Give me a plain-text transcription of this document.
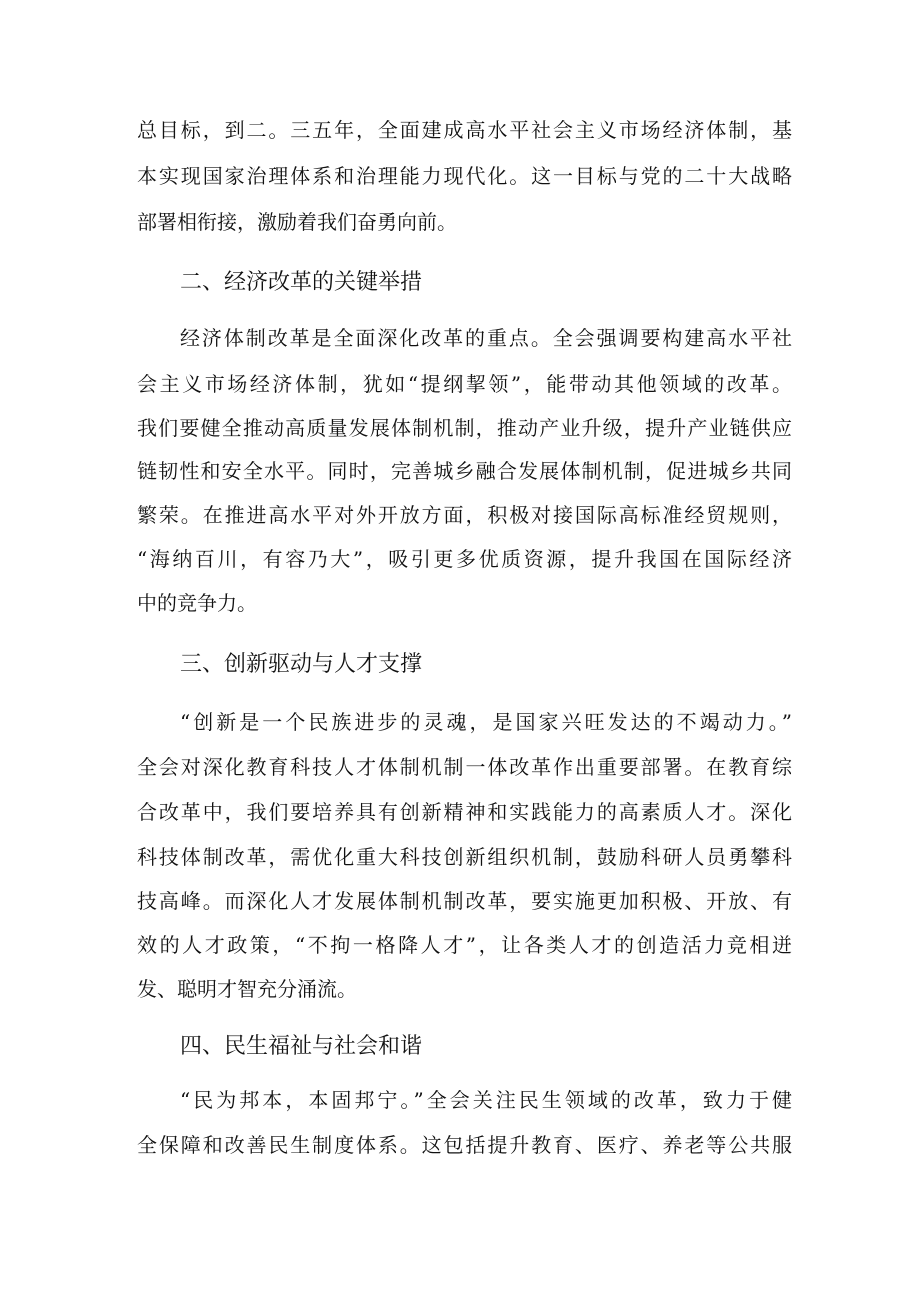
总目标，到二。三五年，全面建成高水平社会主义市场经济体制，基
本实现国家治理体系和治理能力现代化。这一目标与党的二十大战略
部署相衔接，激励着我们奋勇向前。
二、经济改革的关键举措
经济体制改革是全面深化改革的重点。全会强调要构建高水平社
会主义市场经济体制，犹如“提纲挈领”，能带动其他领域的改革。
我们要健全推动高质量发展体制机制，推动产业升级，提升产业链供应
链韧性和安全水平。同时，完善城乡融合发展体制机制，促进城乡共同
繁荣。在推进高水平对外开放方面，积极对接国际高标准经贸规则，
“海纳百川，有容乃大”，吸引更多优质资源，提升我国在国际经济
中的竞争力。
三、创新驱动与人才支撑
“创新是一个民族进步的灵魂，是国家兴旺发达的不竭动力。”
全会对深化教育科技人才体制机制一体改革作出重要部署。在教育综
合改革中，我们要培养具有创新精神和实践能力的高素质人才。深化
科技体制改革，需优化重大科技创新组织机制，鼓励科研人员勇攀科
技高峰。而深化人才发展体制机制改革，要实施更加积极、开放、有
效的人才政策，“不拘一格降人才”，让各类人才的创造活力竞相迸
发、聪明才智充分涌流。
四、民生福祉与社会和谐
“民为邦本，本固邦宁。”全会关注民生领域的改革，致力于健
全保障和改善民生制度体系。这包括提升教育、医疗、养老等公共服
